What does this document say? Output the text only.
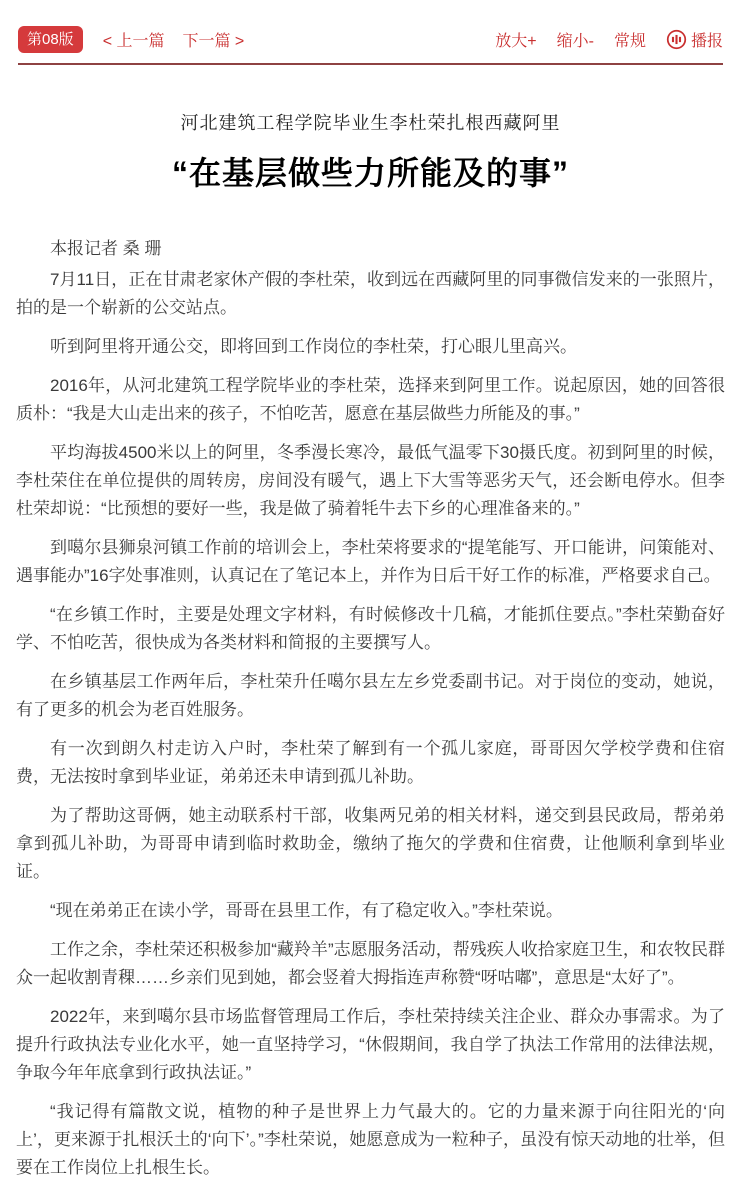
第08版	< 上一篇 下一篇 >	放大+ 缩小- 常规	播报
河北建筑工程学院毕业生李杜荣扎根西藏阿里
“在基层做些力所能及的事”

本报记者 桑 珊

7月11日，正在甘肃老家休产假的李杜荣，收到远在西藏阿里的同事微信发来的一张照片，拍的是一个崭新的公交站点。

听到阿里将开通公交，即将回到工作岗位的李杜荣，打心眼儿里高兴。

2016年，从河北建筑工程学院毕业的李杜荣，选择来到阿里工作。说起原因，她的回答很质朴：“我是大山走出来的孩子，不怕吃苦，愿意在基层做些力所能及的事。”

平均海拔4500米以上的阿里，冬季漫长寒冷，最低气温零下30摄氏度。初到阿里的时候，李杜荣住在单位提供的周转房，房间没有暖气，遇上下大雪等恶劣天气，还会断电停水。但李杜荣却说：“比预想的要好一些，我是做了骑着牦牛去下乡的心理准备来的。”

到噶尔县狮泉河镇工作前的培训会上，李杜荣将要求的“提笔能写、开口能讲，问策能对、遇事能办”16字处事准则，认真记在了笔记本上，并作为日后干好工作的标准，严格要求自己。

“在乡镇工作时，主要是处理文字材料，有时候修改十几稿，才能抓住要点。”李杜荣勤奋好学、不怕吃苦，很快成为各类材料和简报的主要撰写人。

在乡镇基层工作两年后，李杜荣升任噶尔县左左乡党委副书记。对于岗位的变动，她说，有了更多的机会为老百姓服务。

有一次到朗久村走访入户时，李杜荣了解到有一个孤儿家庭，哥哥因欠学校学费和住宿费，无法按时拿到毕业证，弟弟还未申请到孤儿补助。

为了帮助这哥俩，她主动联系村干部，收集两兄弟的相关材料，递交到县民政局，帮弟弟拿到孤儿补助，为哥哥申请到临时救助金，缴纳了拖欠的学费和住宿费，让他顺利拿到毕业证。

“现在弟弟正在读小学，哥哥在县里工作，有了稳定收入。”李杜荣说。

工作之余，李杜荣还积极参加“藏羚羊”志愿服务活动，帮残疾人收拾家庭卫生，和农牧民群众一起收割青稞……乡亲们见到她，都会竖着大拇指连声称赞“呀咕嘟”，意思是“太好了”。

2022年，来到噶尔县市场监督管理局工作后，李杜荣持续关注企业、群众办事需求。为了提升行政执法专业化水平，她一直坚持学习，“休假期间，我自学了执法工作常用的法律法规，争取今年年底拿到行政执法证。”

“我记得有篇散文说，植物的种子是世界上力气最大的。它的力量来源于向往阳光的‘向上’，更来源于扎根沃土的‘向下’。”李杜荣说，她愿意成为一粒种子，虽没有惊天动地的壮举，但要在工作岗位上扎根生长。
